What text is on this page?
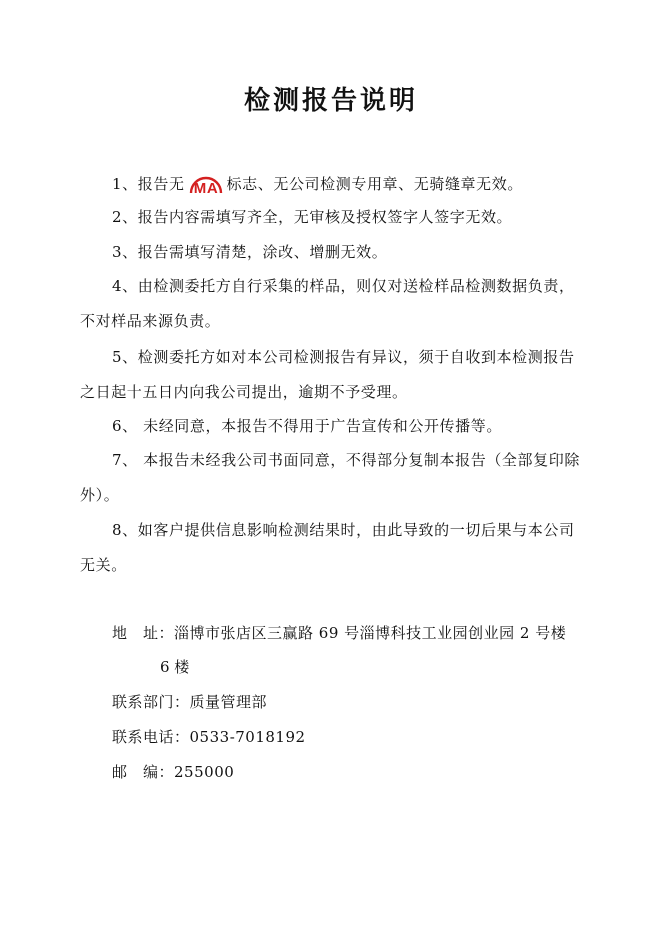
检测报告说明

1、报告无 MA 标志、无公司检测专用章、无骑缝章无效。

2、报告内容需填写齐全，无审核及授权签字人签字无效。

3、报告需填写清楚，涂改、增删无效。

4、由检测委托方自行采集的样品，则仅对送检样品检测数据负责，不对样品来源负责。

5、检测委托方如对本公司检测报告有异议，须于自收到本检测报告之日起十五日内向我公司提出，逾期不予受理。

6、 未经同意，本报告不得用于广告宣传和公开传播等。

7、 本报告未经我公司书面同意，不得部分复制本报告（全部复印除外）。

8、如客户提供信息影响检测结果时，由此导致的一切后果与本公司无关。

地　址：淄博市张店区三赢路 69 号淄博科技工业园创业园 2 号楼

6 楼

联系部门：质量管理部

联系电话：0533-7018192

邮　编：255000
